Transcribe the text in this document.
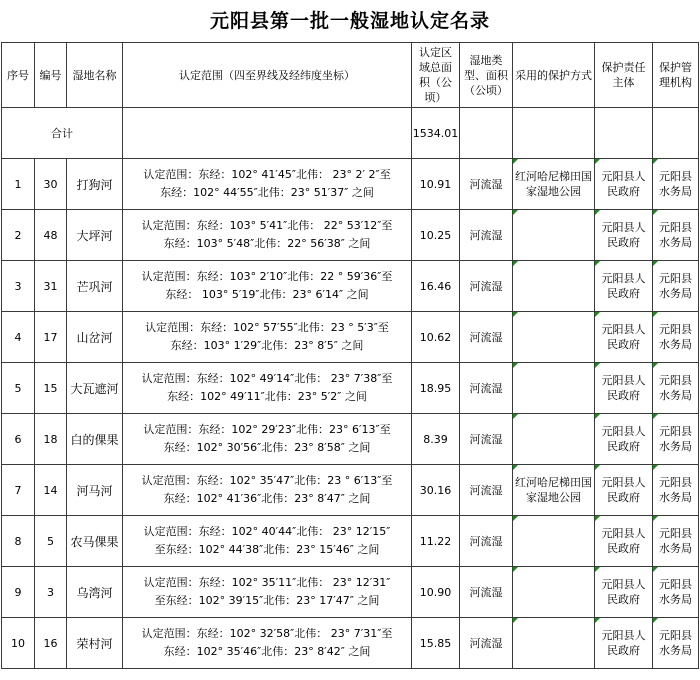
元阳县第一批一般湿地认定名录
序号	编号	湿地名称	认定范围（四至界线及经纬度坐标）	认定区域总面积（公顷）	湿地类型、面积（公顷）	采用的保护方式	保护责任主体	保护管理机构
合计				1534.01				
1	30	打狗河	认定范围：东经：102° 41′45″北伟： 23° 2′ 2″至
东经：102° 44′55″北伟：23° 51′37″ 之间	10.91	河流湿	红河哈尼梯田国家湿地公园	元阳县人民政府	元阳县水务局
2	48	大坪河	认定范围：东经：103° 5′41″北伟： 22° 53′12″至
东经：103° 5′48″北伟：22° 56′38″ 之间	10.25	河流湿		元阳县人民政府	元阳县水务局
3	31	芒巩河	认定范围：东经：103° 2′10″北伟：22 ° 59′36″至
东经： 103° 5′19″北伟：23° 6′14″ 之间	16.46	河流湿		元阳县人民政府	元阳县水务局
4	17	山岔河	认定范围：东经：102° 57′55″北伟：23 ° 5′3″至
东经：103° 1′29″北伟：23° 8′5″ 之间	10.62	河流湿		元阳县人民政府	元阳县水务局
5	15	大瓦遮河	认定范围：东经：102° 49′14″北伟： 23° 7′38″至
东经：102° 49′11″北伟：23° 5′2″ 之间	18.95	河流湿		元阳县人民政府	元阳县水务局
6	18	白的倮果	认定范围：东经：102° 29′23″北伟：23° 6′13″至
东经：102° 30′56″北伟：23° 8′58″ 之间	8.39	河流湿		元阳县人民政府	元阳县水务局
7	14	河马河	认定范围：东经：102° 35′47″北伟：23 ° 6′13″至
东经：102° 41′36″北伟：23° 8′47″ 之间	30.16	河流湿	红河哈尼梯田国家湿地公园	元阳县人民政府	元阳县水务局
8	5	农马倮果	认定范围：东经：102° 40′44″北伟： 23° 12′15″
至东经：102° 44′38″北伟：23° 15′46″ 之间	11.22	河流湿		元阳县人民政府	元阳县水务局
9	3	乌湾河	认定范围：东经：102° 35′11″北伟： 23° 12′31″
至东经：102° 39′15″北伟：23° 17′47″ 之间	10.90	河流湿		元阳县人民政府	元阳县水务局
10	16	荣村河	认定范围：东经：102° 32′58″北伟： 23° 7′31″至
东经：102° 35′46″北伟：23° 8′42″ 之间	15.85	河流湿		元阳县人民政府	元阳县水务局
